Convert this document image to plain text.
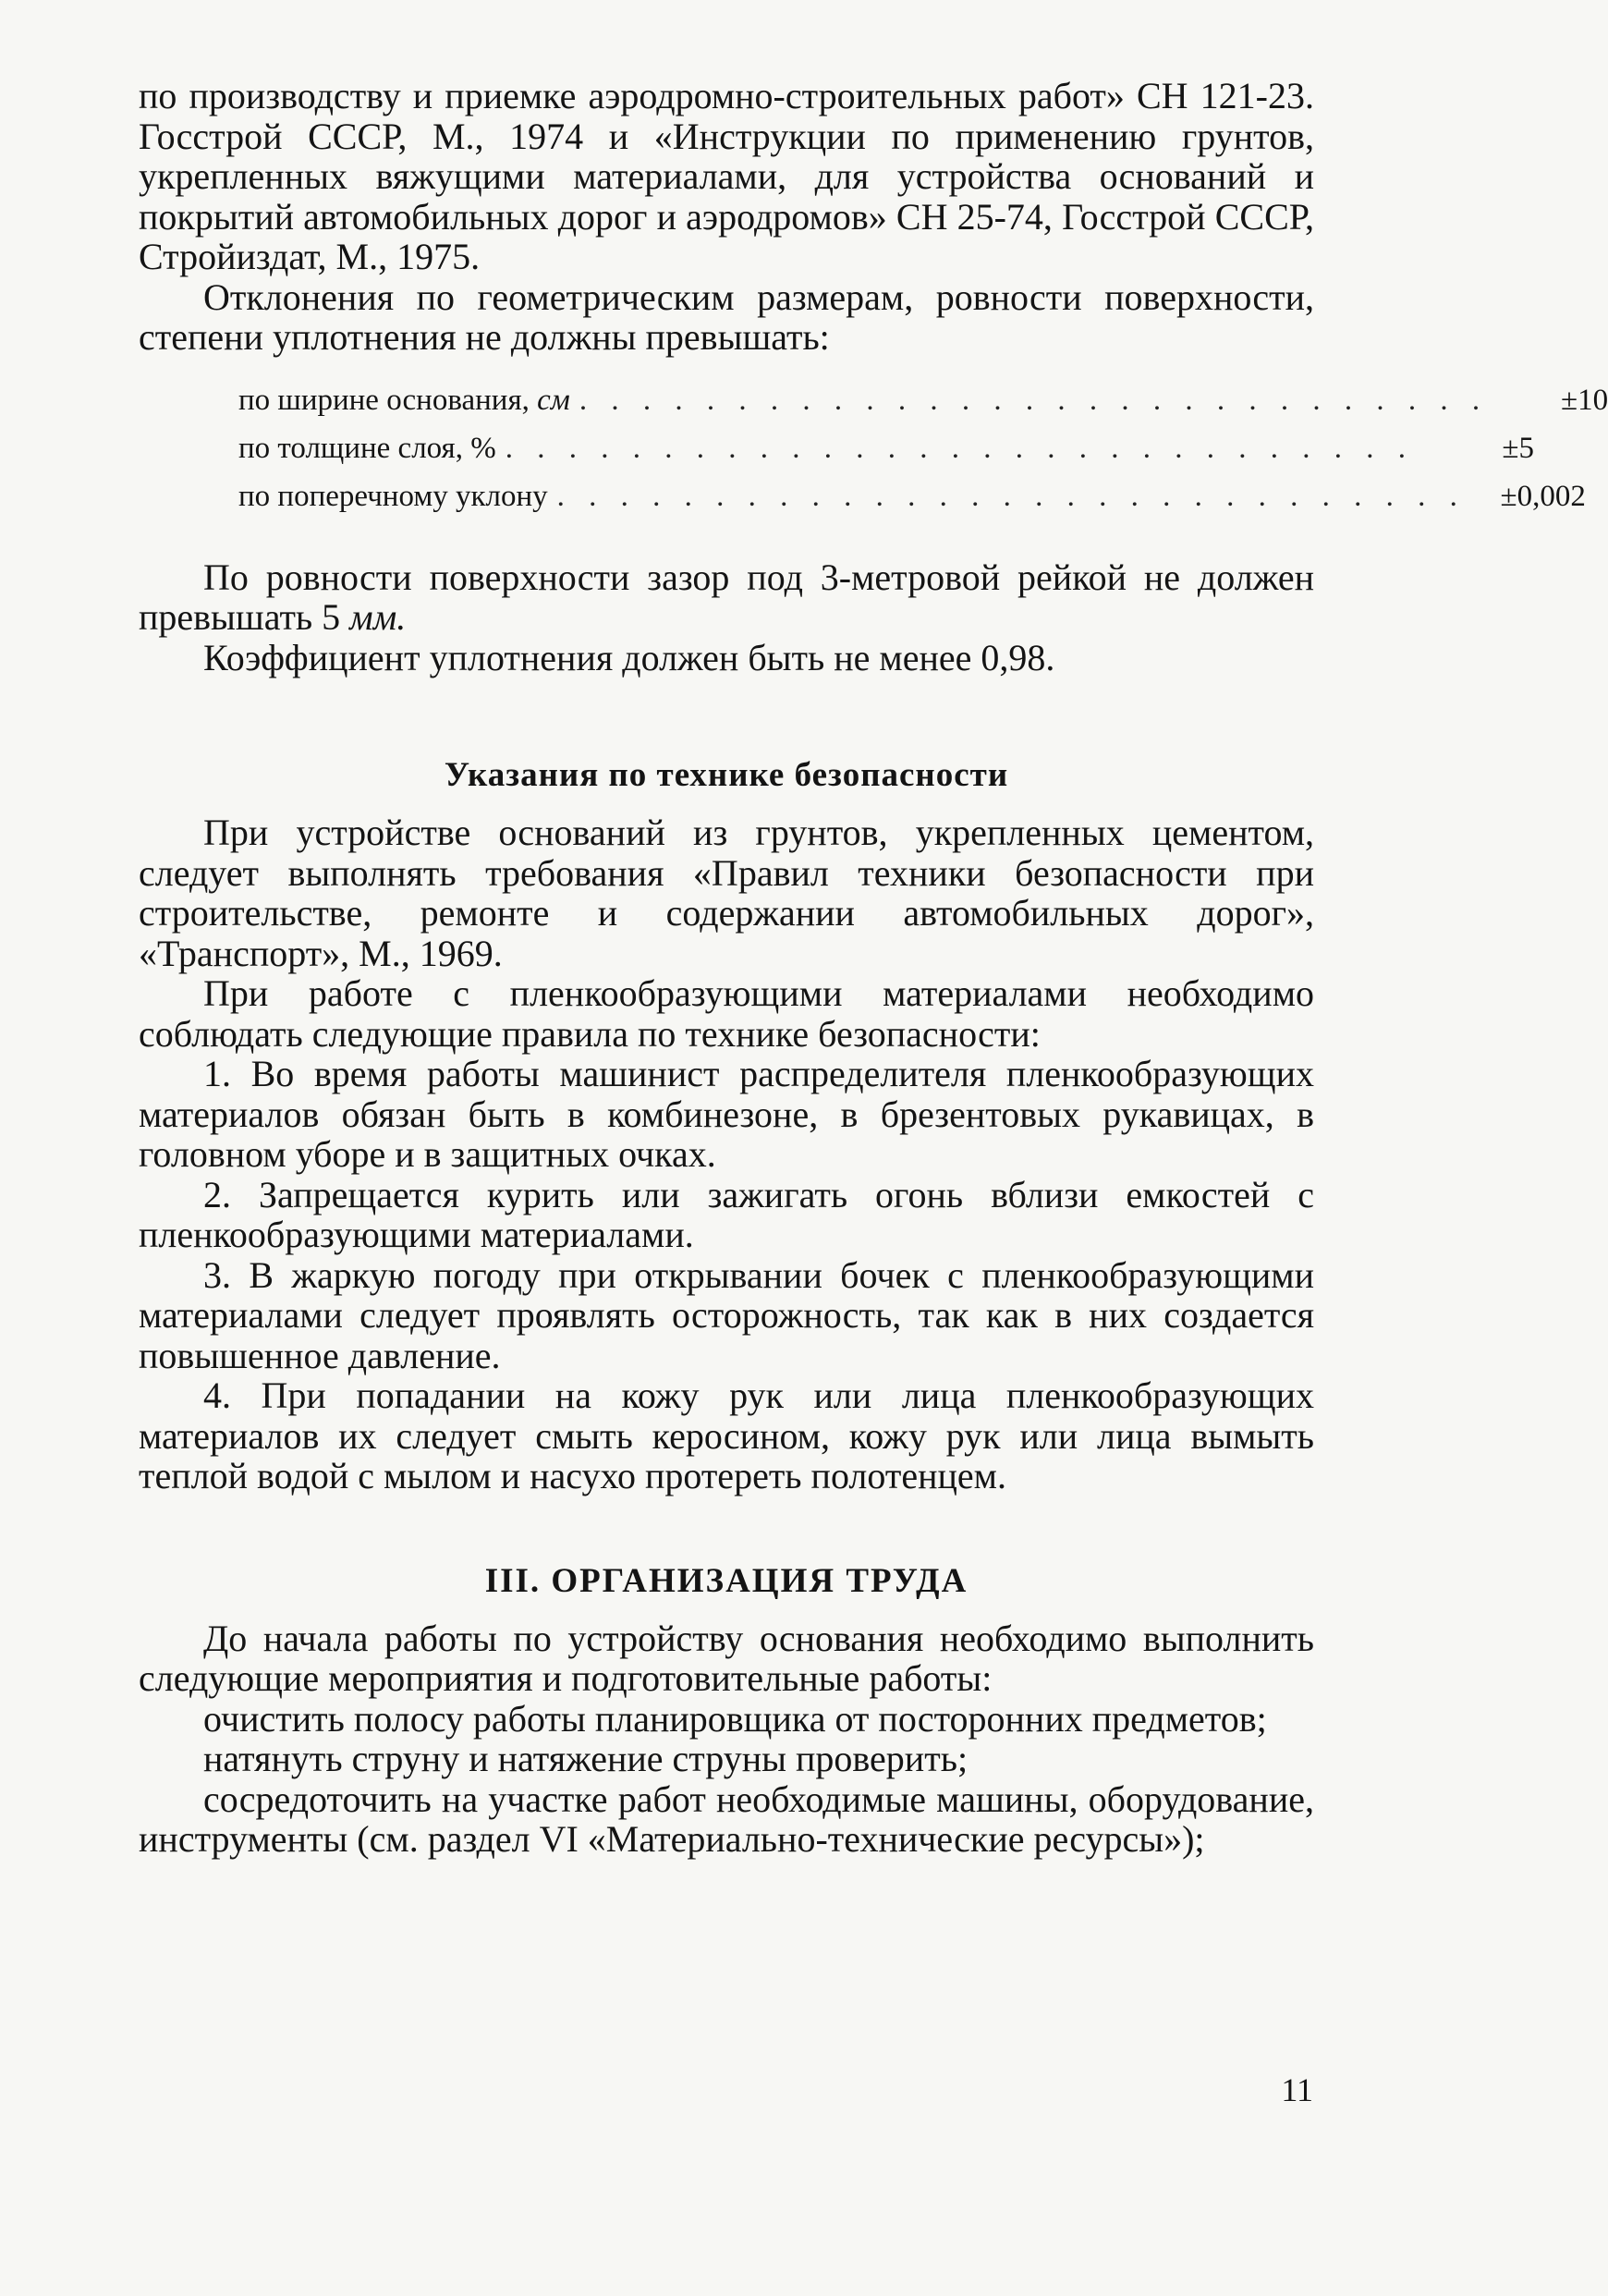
по производству и приемке аэродромно-строительных работ» СН 121-23. Госстрой СССР, М., 1974 и «Инструкции по применению грунтов, укрепленных вяжущими материалами, для устройства оснований и покрытий автомобильных дорог и аэродромов» СН 25-74, Госстрой СССР, Стройиздат, М., 1975.

Отклонения по геометрическим размерам, ровности поверхности, степени уплотнения не должны превышать:

по ширине основания, см . . . . . . . . . . . . . . . . . . . . . . . . . . . . .	±10
по толщине слоя, % . . . . . . . . . . . . . . . . . . . . . . . . . . . . .	±5
по поперечному уклону . . . . . . . . . . . . . . . . . . . . . . . . . . . . .	±0,002

По ровности поверхности зазор под 3-метровой рейкой не должен превышать 5 мм.

Коэффициент уплотнения должен быть не менее 0,98.

Указания по технике безопасности

При устройстве оснований из грунтов, укрепленных цементом, следует выполнять требования «Правил техники безопасности при строительстве, ремонте и содержании автомобильных дорог», «Транспорт», М., 1969.

При работе с пленкообразующими материалами необходимо соблюдать следующие правила по технике безопасности:

1. Во время работы машинист распределителя пленкообразующих материалов обязан быть в комбинезоне, в брезентовых рукавицах, в головном уборе и в защитных очках.

2. Запрещается курить или зажигать огонь вблизи емкостей с пленкообразующими материалами.

3. В жаркую погоду при открывании бочек с пленкообразующими материалами следует проявлять осторожность, так как в них создается повышенное давление.

4. При попадании на кожу рук или лица пленкообразующих материалов их следует смыть керосином, кожу рук или лица вымыть теплой водой с мылом и насухо протереть полотенцем.

III. ОРГАНИЗАЦИЯ ТРУДА

До начала работы по устройству основания необходимо выполнить следующие мероприятия и подготовительные работы:

очистить полосу работы планировщика от посторонних предметов;

натянуть струну и натяжение струны проверить;

сосредоточить на участке работ необходимые машины, оборудование, инструменты (см. раздел VI «Материально-технические ресурсы»);

11
